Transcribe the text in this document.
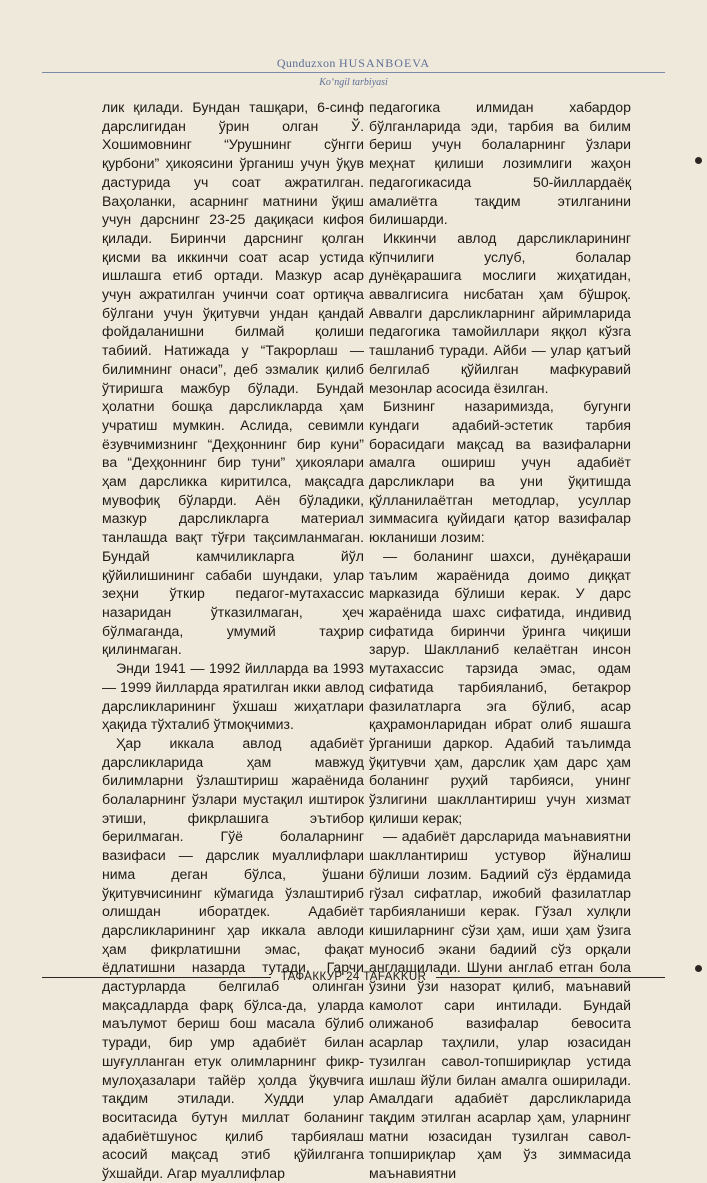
Qunduzxon HUSANBOEVA
Ko‘ngil tarbiyasi

лик қилади. Бундан ташқари, 6-синф дарслигидан ўрин олган Ў. Хошимовнинг “Урушнинг сўнгги қурбони” ҳикоясини ўрганиш учун ўқув дастурида уч соат ажратилган. Ваҳоланки, асарнинг матнини ўқиш учун дарснинг 23-25 дақиқаси кифоя қилади. Биринчи дарснинг қолган қисми ва иккинчи соат асар устида ишлашга етиб ортади. Мазкур асар учун ажратилган учинчи соат ортиқча бўлгани учун ўқитувчи ундан қандай фойдаланишни билмай қолиши табиий. Натижада у “Такрорлаш — билимнинг онаси”, деб эзмалик қилиб ўтиришга мажбур бўлади. Бундай ҳолатни бошқа дарсликларда ҳам учратиш мумкин. Аслида, севимли ёзувчимизнинг “Деҳқоннинг бир куни” ва “Деҳқоннинг бир туни” ҳикоялари ҳам дарсликка киритилса, мақсадга мувофиқ бўларди. Аён бўладики, мазкур дарсликларга материал танлашда вақт тўғри тақсимланмаган. Бундай камчиликларга йўл қўйилишининг сабаби шундаки, улар зеҳни ўткир педагог-мутахассис назаридан ўтказилмаган, ҳеч бўлмаганда, умумий таҳрир қилинмаган.

Энди 1941 — 1992 йилларда ва 1993 — 1999 йилларда яратилган икки авлод дарсликларининг ўхшаш жиҳатлари ҳақида тўхталиб ўтмоқчимиз.

Ҳар иккала авлод адабиёт дарсликларида ҳам мавжуд билимларни ўзлаштириш жараёнида болаларнинг ўзлари мустақил иштирок этиши, фикрлашига эътибор берилмаган. Гўё болаларнинг вазифаси — дарслик муаллифлари нима деган бўлса, ўшани ўқитувчисининг кўмагида ўзлаштириб олишдан иборатдек. Адабиёт дарсликларининг ҳар иккала авлоди ҳам фикрлатишни эмас, фақат ёдлатишни назарда тутади. Гарчи дастурларда белгилаб олинган мақсадларда фарқ бўлса-да, уларда маълумот бериш бош масала бўлиб туради, бир умр адабиёт билан шуғулланган етук олимларнинг фикр-мулоҳазалари тайёр ҳолда ўқувчига тақдим этилади. Худди улар воситасида бутун миллат боланинг адабиётшунос қилиб тарбиялаш асосий мақсад этиб қўйилганга ўхшайди. Агар муаллифлар

педагогика илмидан хабардор бўлганларида эди, тарбия ва билим бериш учун болаларнинг ўзлари меҳнат қилиши лозимлиги жаҳон педагогикасида 50-йиллардаёқ амалиётга тақдим этилганини билишарди.

Иккинчи авлод дарсликларининг кўпчилиги услуб, болалар дунёқарашига мослиги жиҳатидан, аввалгисига нисбатан ҳам бўшроқ. Аввалги дарсликларнинг айримларида педагогика тамойиллари яққол кўзга ташланиб туради. Айби — улар қатъий белгилаб қўйилган мафкуравий мезонлар асосида ёзилган.

Бизнинг назаримизда, бугунги кундаги адабий-эстетик тарбия борасидаги мақсад ва вазифаларни амалга ошириш учун адабиёт дарсликлари ва уни ўқитишда қўлланилаётган методлар, усуллар зиммасига қуйидаги қатор вазифалар юкланиши лозим:

— боланинг шахси, дунёқараши таълим жараёнида доимо диққат марказида бўлиши керак. У дарс жараёнида шахс сифатида, индивид сифатида биринчи ўринга чиқиши зарур. Шаклланиб келаётган инсон мутахассис тарзида эмас, одам сифатида тарбияланиб, бетакрор фазилатларга эга бўлиб, асар қаҳрамонларидан ибрат олиб яшашга ўрганиши даркор. Адабий таълимда ўқитувчи ҳам, дарслик ҳам дарс ҳам боланинг руҳий тарбияси, унинг ўзлигини шакллантириш учун хизмат қилиши керак;

— адабиёт дарсларида маънавиятни шакллантириш устувор йўналиш бўлиши лозим. Бадиий сўз ёрдамида гўзал сифатлар, ижобий фазилатлар тарбияланиши керак. Гўзал хулқли кишиларнинг сўзи ҳам, иши ҳам ўзига муносиб экани бадиий сўз орқали англашилади. Шуни англаб етган бола ўзини ўзи назорат қилиб, маънавий камолот сари интилади. Бундай олижаноб вазифалар бевосита асарлар таҳлили, улар юзасидан тузилган савол-топшириқлар устида ишлаш йўли билан амалга оширилади. Амалдаги адабиёт дарсликларида тақдим этилган асарлар ҳам, уларнинг матни юзасидан тузилган савол-топшириқлар ҳам ўз зиммасида маънавиятни

ТАФАККУР 24 TAFAKKUR
